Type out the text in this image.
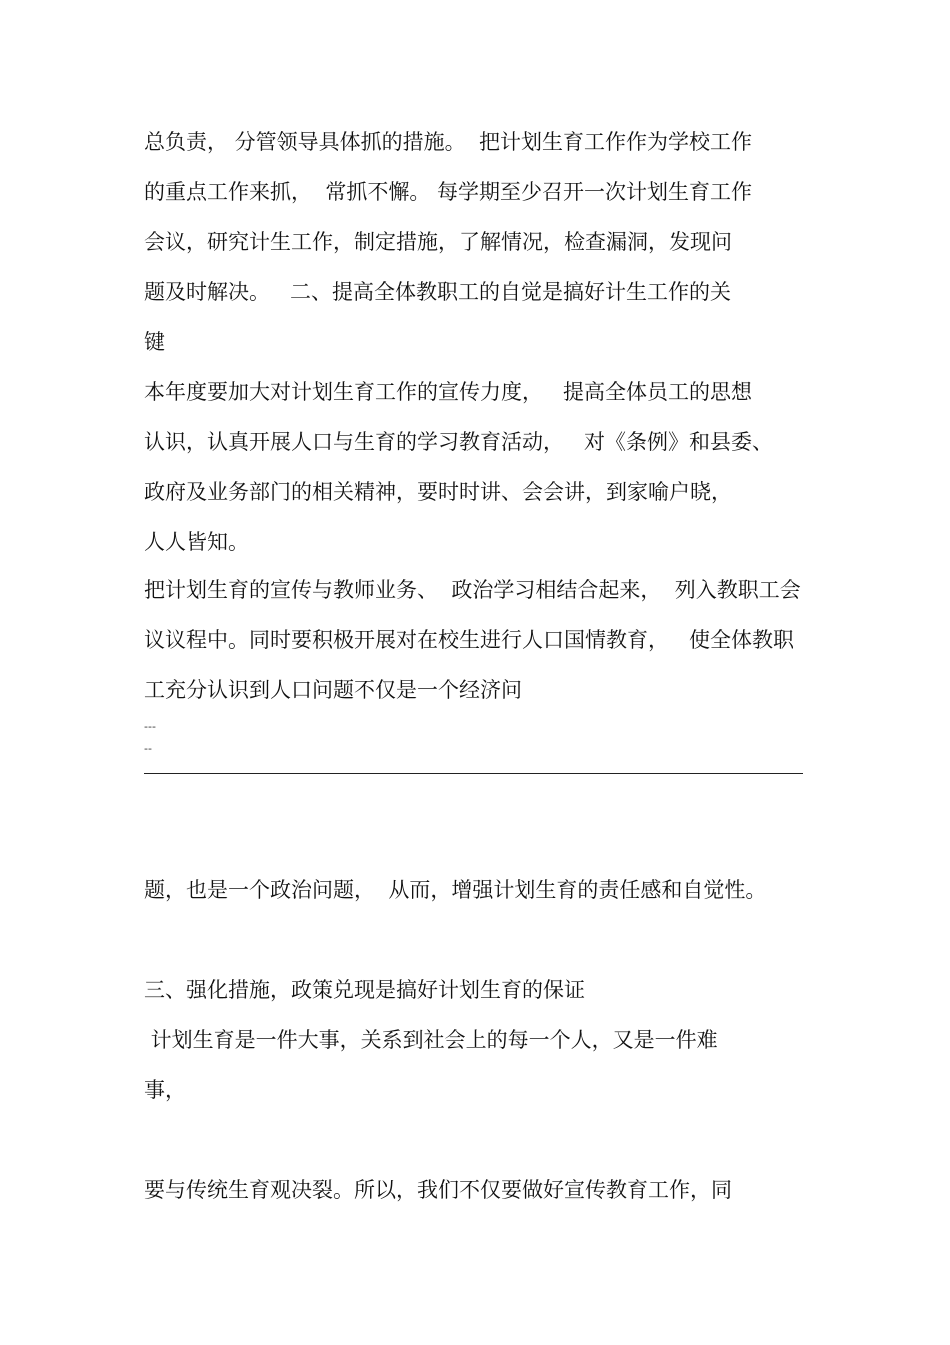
总负责， 分管领导具体抓的措施。  把计划生育工作作为学校工作

的重点工作来抓，  常抓不懈。 每学期至少召开一次计划生育工作

会议，研究计生工作，制定措施，了解情况，检查漏洞，发现问

题及时解决。   二、提高全体教职工的自觉是搞好计生工作的关

键

本年度要加大对计划生育工作的宣传力度，   提高全体员工的思想

认识，认真开展人口与生育的学习教育活动，   对《条例》和县委、

政府及业务部门的相关精神，要时时讲、会会讲，到家喻户晓，

人人皆知。

把计划生育的宣传与教师业务、  政治学习相结合起来，  列入教职工会

议议程中。同时要积极开展对在校生进行人口国情教育，   使全体教职

工充分认识到人口问题不仅是一个经济问

---

--

题，也是一个政治问题，  从而，增强计划生育的责任感和自觉性。

三、强化措施，政策兑现是搞好计划生育的保证

计划生育是一件大事，关系到社会上的每一个人，又是一件难

事，

要与传统生育观决裂。所以，我们不仅要做好宣传教育工作，同
